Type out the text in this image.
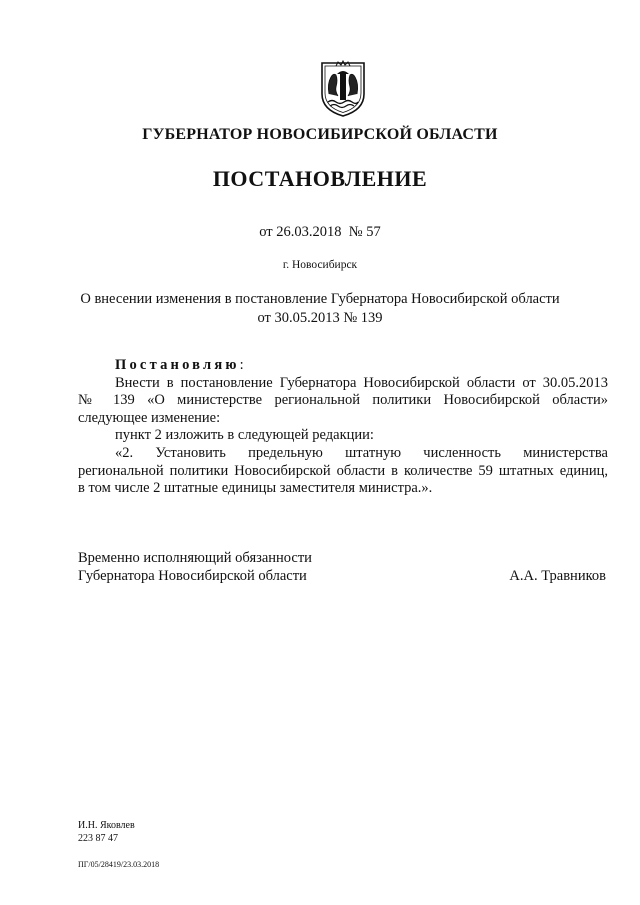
ГУБЕРНАТОР НОВОСИБИРСКОЙ ОБЛАСТИ
ПОСТАНОВЛЕНИЕ
от 26.03.2018 № 57
г. Новосибирск
О внесении изменения в постановление Губернатора Новосибирской области
от 30.05.2013 № 139

Постановляю:

Внести в постановление Губернатора Новосибирской области от 30.05.2013

№ 139 «О министерстве региональной политики Новосибирской области»

следующее изменение:

пункт 2 изложить в следующей редакции:

«2. Установить предельную штатную численность министерства

региональной политики Новосибирской области в количестве 59 штатных единиц,

в том числе 2 штатные единицы заместителя министра.».

Временно исполняющий обязанности
Губернатора Новосибирской области	А.А. Травников
И.Н. Яковлев
223 87 47
ПГ/05/28419/23.03.2018
